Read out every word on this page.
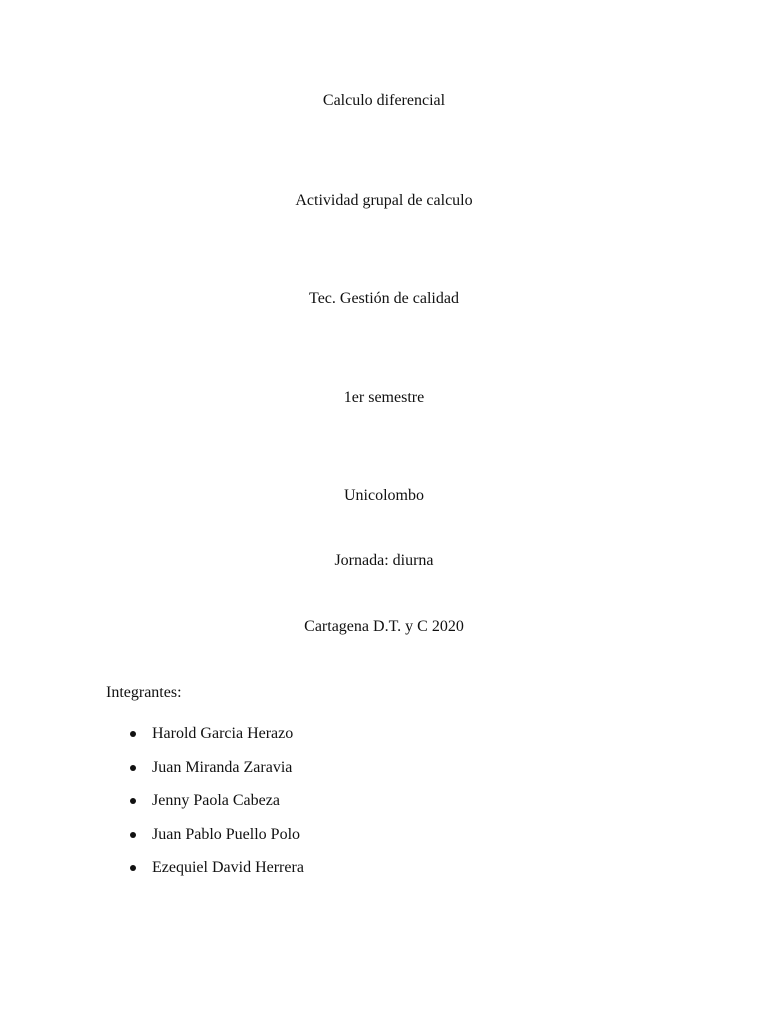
Calculo diferencial
Actividad grupal de calculo
Tec. Gestión de calidad
1er semestre
Unicolombo
Jornada: diurna
Cartagena D.T. y C 2020
Integrantes:
Harold Garcia Herazo
Juan Miranda Zaravia
Jenny Paola Cabeza
Juan Pablo Puello Polo
Ezequiel David Herrera
